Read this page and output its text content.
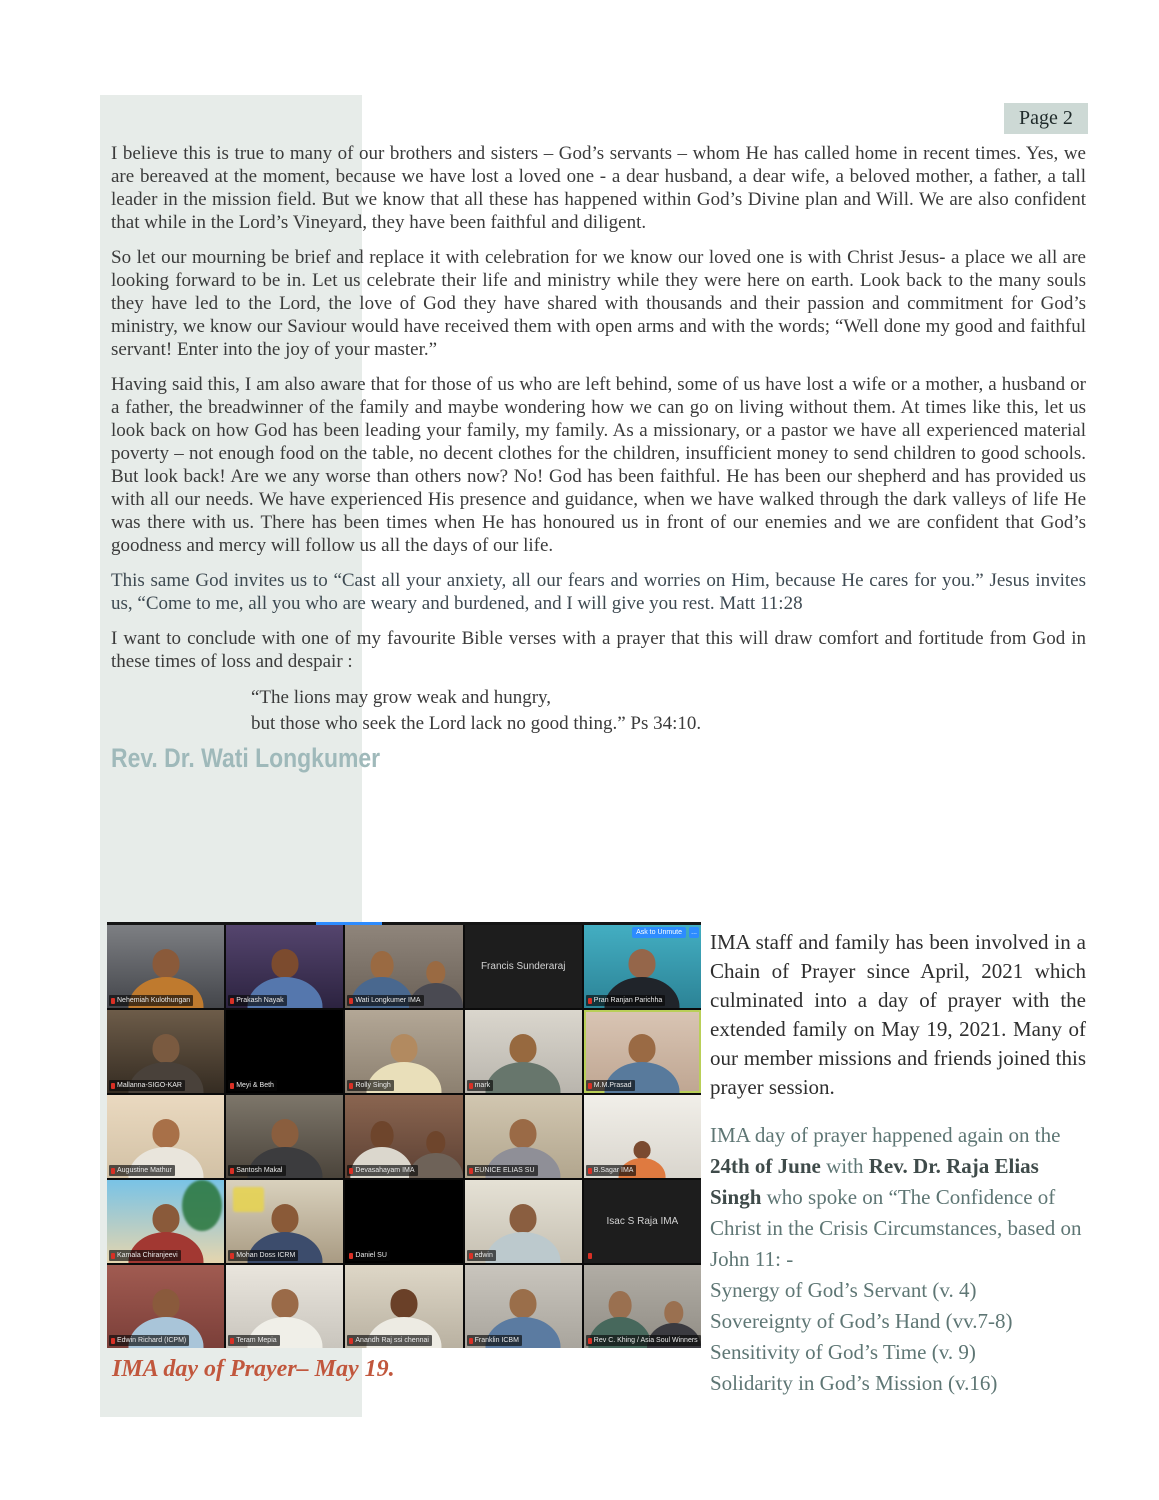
Page 2

I believe this is true to many of our brothers and sisters – God’s servants – whom He has called home in recent times. Yes, we are bereaved at the moment, because we have lost a loved one - a dear husband, a dear wife, a beloved mother, a father, a tall leader in the mission field. But we know that all these has happened within God’s Divine plan and Will. We are also confident that while in the Lord’s Vineyard, they have been faithful and diligent.

So let our mourning be brief and replace it with celebration for we know our loved one is with Christ Jesus- a place we all are looking forward to be in. Let us celebrate their life and ministry while they were here on earth. Look back to the many souls they have led to the Lord, the love of God they have shared with thousands and their passion and commitment for God’s ministry, we know our Saviour would have received them with open arms and with the words; “Well done my good and faithful servant! Enter into the joy of your master.”

Having said this, I am also aware that for those of us who are left behind, some of us have lost a wife or a mother, a husband or a father, the breadwinner of the family and maybe wondering how we can go on living without them. At times like this, let us look back on how God has been leading your family, my family. As a missionary, or a pastor we have all experienced material poverty – not enough food on the table, no decent clothes for the children, insufficient money to send children to good schools. But look back! Are we any worse than others now? No! God has been faithful. He has been our shepherd and has provided us with all our needs. We have experienced His presence and guidance, when we have walked through the dark valleys of life He was there with us. There has been times when He has honoured us in front of our enemies and we are confident that God’s goodness and mercy will follow us all the days of our life.

This same God invites us to “Cast all your anxiety, all our fears and worries on Him, because He cares for you.” Jesus invites us, “Come to me, all you who are weary and burdened, and I will give you rest. Matt 11:28

I want to conclude with one of my favourite Bible verses with a prayer that this will draw comfort and fortitude from God in these times of loss and despair :

“The lions may grow weak and hungry,
but those who seek the Lord lack no good thing.” Ps 34:10.
Rev. Dr. Wati Longkumer
Nehemiah Kulothungan	Prakash Nayak	Wati Longkumer IMA
Francis Sunderaraj
Pran Ranjan Parichha
Ask to Unmute	...
Mallanna-SIGO-KAR	Meyi & Beth	Rolly Singh	mark	M.M.Prasad
Augustine Mathur	Santosh Makal	Devasahayam IMA	EUNICE ELIAS SU	B.Sagar IMA
Kamala Chiranjeevi	Mohan Doss ICRM	Daniel SU	edwin
Isac S Raja IMA
Edwin Richard (ICPM)	Teram Mepia	Anandh Raj ssi chennai	Franklin ICBM	Rev C. Khing / Asia Soul Winners

IMA staff and family has been involved in a Chain of Prayer since April, 2021 which culminated into a day of prayer with the extended family on May 19, 2021. Many of our member missions and friends joined this prayer session.

IMA day of prayer happened again on the 24th of June with Rev. Dr. Raja Elias Singh who spoke on “The Confidence of Christ in the Crisis Circumstances, based on John 11: -

Synergy of God’s Servant (v. 4)
Sovereignty of God’s Hand (vv.7-8)
Sensitivity of God’s Time (v. 9)
Solidarity in God’s Mission (v.16)
IMA day of Prayer– May 19.
